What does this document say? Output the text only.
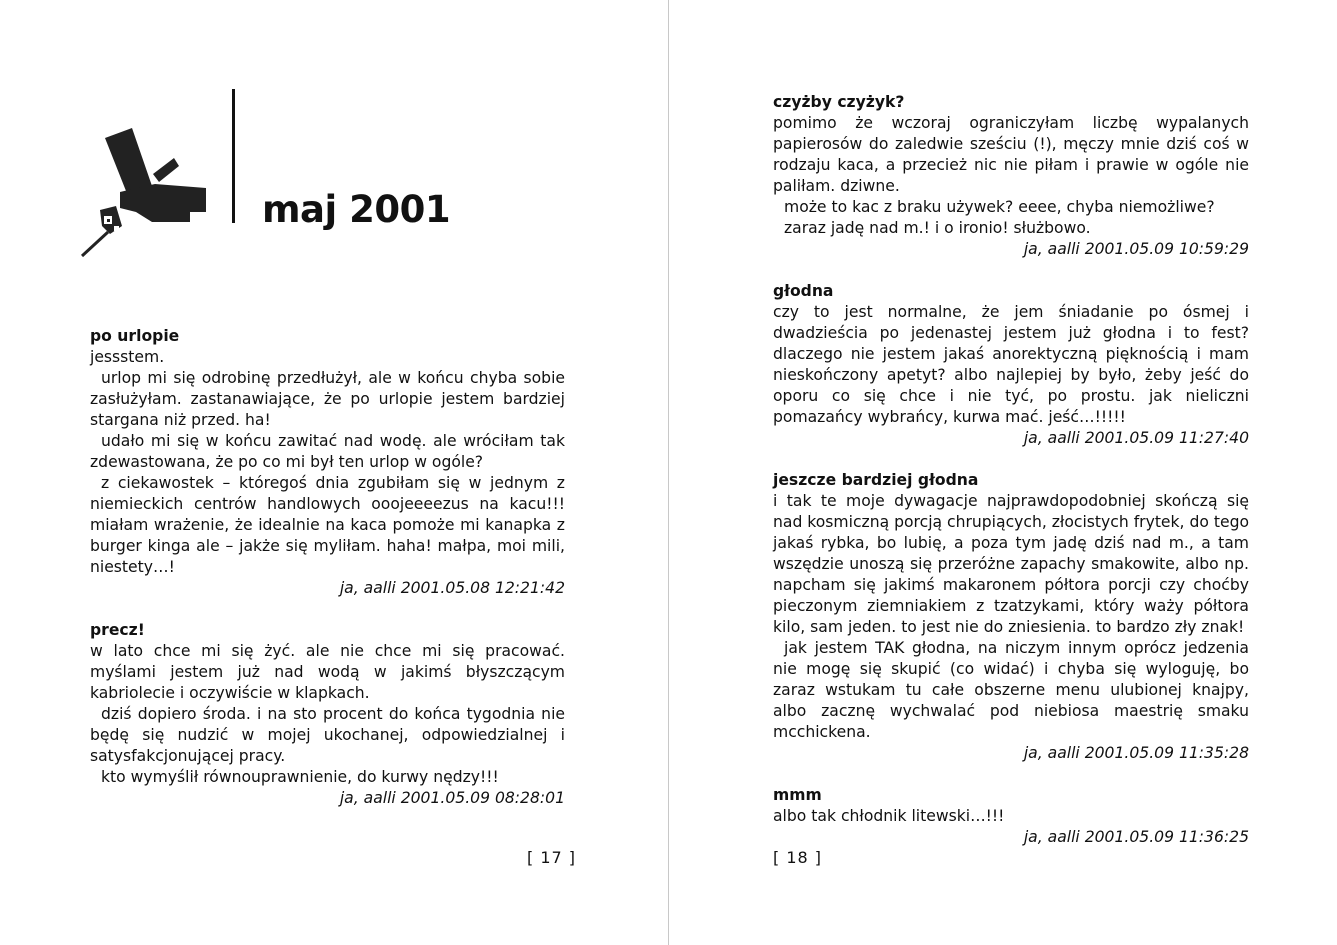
maj 2001
po urlopie

jessstem.

urlop mi się odrobinę przedłużył, ale w końcu chyba sobie zasłużyłam. zastanawiające, że po urlopie jestem bardziej stargana niż przed. ha!

udało mi się w końcu zawitać nad wodę. ale wróciłam tak zdewastowana, że po co mi był ten urlop w ogóle?

z ciekawostek – któregoś dnia zgubiłam się w jednym z niemieckich centrów handlowych ooojeeeezus na kacu!!! miałam wrażenie, że idealnie na kaca pomoże mi kanapka z burger kinga ale – jakże się myliłam. haha! małpa, moi mili, niestety…!

ja, aalli 2001.05.08 12:21:42
precz!

w lato chce mi się żyć. ale nie chce mi się pracować. myślami jestem już nad wodą w jakimś błyszczącym kabriolecie i oczywiście w klapkach.

dziś dopiero środa. i na sto procent do końca tygodnia nie będę się nudzić w mojej ukochanej, odpowiedzialnej i satysfakcjonującej pracy.

kto wymyślił równouprawnienie, do kurwy nędzy!!!

ja, aalli 2001.05.09 08:28:01
[ 17 ]
czyżby czyżyk?

pomimo że wczoraj ograniczyłam liczbę wypalanych papierosów do zaledwie sześciu (!), męczy mnie dziś coś w rodzaju kaca, a przecież nic nie piłam i prawie w ogóle nie paliłam. dziwne.

może to kac z braku używek? eeee, chyba niemożliwe?

zaraz jadę nad m.! i o ironio! służbowo.

ja, aalli 2001.05.09 10:59:29
głodna

czy to jest normalne, że jem śniadanie po ósmej i dwadzieścia po jedenastej jestem już głodna i to fest? dlaczego nie jestem jakaś anorektyczną pięknością i mam nieskończony apetyt? albo najlepiej by było, żeby jeść do oporu co się chce i nie tyć, po prostu. jak nieliczni pomazańcy wybrańcy, kurwa mać. jeść…!!!!!

ja, aalli 2001.05.09 11:27:40
jeszcze bardziej głodna

i tak te moje dywagacje najprawdopodobniej skończą się nad kosmiczną porcją chrupiących, złocistych frytek, do tego jakaś rybka, bo lubię, a poza tym jadę dziś nad m., a tam wszędzie unoszą się przeróżne zapachy smakowite, albo np. napcham się jakimś makaronem półtora porcji czy choćby pieczonym ziemniakiem z tzatzykami, który waży półtora kilo, sam jeden. to jest nie do zniesienia. to bardzo zły znak!

jak jestem TAK głodna, na niczym innym oprócz jedzenia nie mogę się skupić (co widać) i chyba się wyloguję, bo zaraz wstukam tu całe obszerne menu ulubionej knajpy, albo zacznę wychwalać pod niebiosa maestrię smaku mcchickena.

ja, aalli 2001.05.09 11:35:28
mmm

albo tak chłodnik litewski…!!!

ja, aalli 2001.05.09 11:36:25
[ 18 ]
